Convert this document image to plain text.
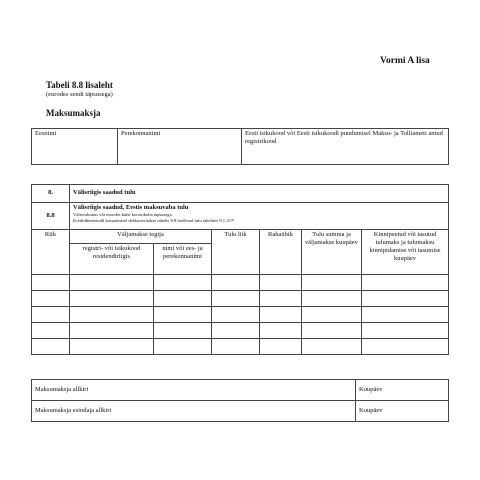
Vormi A lisa
Tabeli 8.8 lisaleht
(eurodes sendi täpsusega)
Maksumaksja
Eesnimi	Perekonnanimi	Eesti isikukood või Eesti isikukoodi puudumisel Maksu- ja Tolliameti antud registrikood
8.	Välisriigis saadud tulu					
8.8	Välisriigis saadud, Eestis maksuvaba tulu
Välisvaluutas või eurodes kuhe korraokoha täpsusega.
Krediidimeetodil kasutamisel deklareeritakse tabelis 8.8 loetletud tulu tabelites 8.1–8.7¹					

Riik	Väljamakse tegija		Tulu liik	Rahaühik	Tulu summa ja väljamakse kuupäev	Kinnipeetud või tasutud tulumaks ja tulumaksu kinnipidamise või tasumise kuupäev
	registri- või isikukood residendiriigis	nimi või ees- ja perekonnanimi				

Maksumaksja allkiri	Kuupäev
Maksumaksja esindaja allkiri	Kuupäev
